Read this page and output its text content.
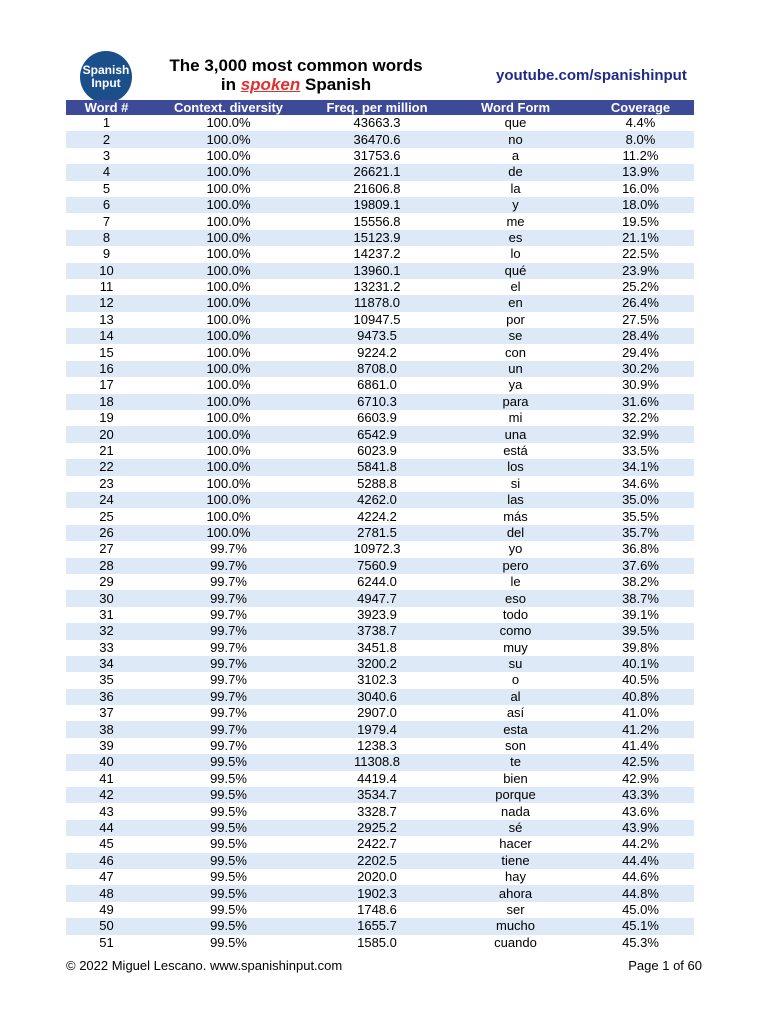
Spanish
Input
The 3,000 most common words
in spoken Spanish	youtube.com/spanishinput
Word #	Context. diversity	Freq. per million	Word Form	Coverage
1	100.0%	43663.3	que	4.4%
2	100.0%	36470.6	no	8.0%
3	100.0%	31753.6	a	11.2%
4	100.0%	26621.1	de	13.9%
5	100.0%	21606.8	la	16.0%
6	100.0%	19809.1	y	18.0%
7	100.0%	15556.8	me	19.5%
8	100.0%	15123.9	es	21.1%
9	100.0%	14237.2	lo	22.5%
10	100.0%	13960.1	qué	23.9%
11	100.0%	13231.2	el	25.2%
12	100.0%	11878.0	en	26.4%
13	100.0%	10947.5	por	27.5%
14	100.0%	9473.5	se	28.4%
15	100.0%	9224.2	con	29.4%
16	100.0%	8708.0	un	30.2%
17	100.0%	6861.0	ya	30.9%
18	100.0%	6710.3	para	31.6%
19	100.0%	6603.9	mi	32.2%
20	100.0%	6542.9	una	32.9%
21	100.0%	6023.9	está	33.5%
22	100.0%	5841.8	los	34.1%
23	100.0%	5288.8	si	34.6%
24	100.0%	4262.0	las	35.0%
25	100.0%	4224.2	más	35.5%
26	100.0%	2781.5	del	35.7%
27	99.7%	10972.3	yo	36.8%
28	99.7%	7560.9	pero	37.6%
29	99.7%	6244.0	le	38.2%
30	99.7%	4947.7	eso	38.7%
31	99.7%	3923.9	todo	39.1%
32	99.7%	3738.7	como	39.5%
33	99.7%	3451.8	muy	39.8%
34	99.7%	3200.2	su	40.1%
35	99.7%	3102.3	o	40.5%
36	99.7%	3040.6	al	40.8%
37	99.7%	2907.0	así	41.0%
38	99.7%	1979.4	esta	41.2%
39	99.7%	1238.3	son	41.4%
40	99.5%	11308.8	te	42.5%
41	99.5%	4419.4	bien	42.9%
42	99.5%	3534.7	porque	43.3%
43	99.5%	3328.7	nada	43.6%
44	99.5%	2925.2	sé	43.9%
45	99.5%	2422.7	hacer	44.2%
46	99.5%	2202.5	tiene	44.4%
47	99.5%	2020.0	hay	44.6%
48	99.5%	1902.3	ahora	44.8%
49	99.5%	1748.6	ser	45.0%
50	99.5%	1655.7	mucho	45.1%
51	99.5%	1585.0	cuando	45.3%
© 2022 Miguel Lescano. www.spanishinput.com	Page 1 of 60
